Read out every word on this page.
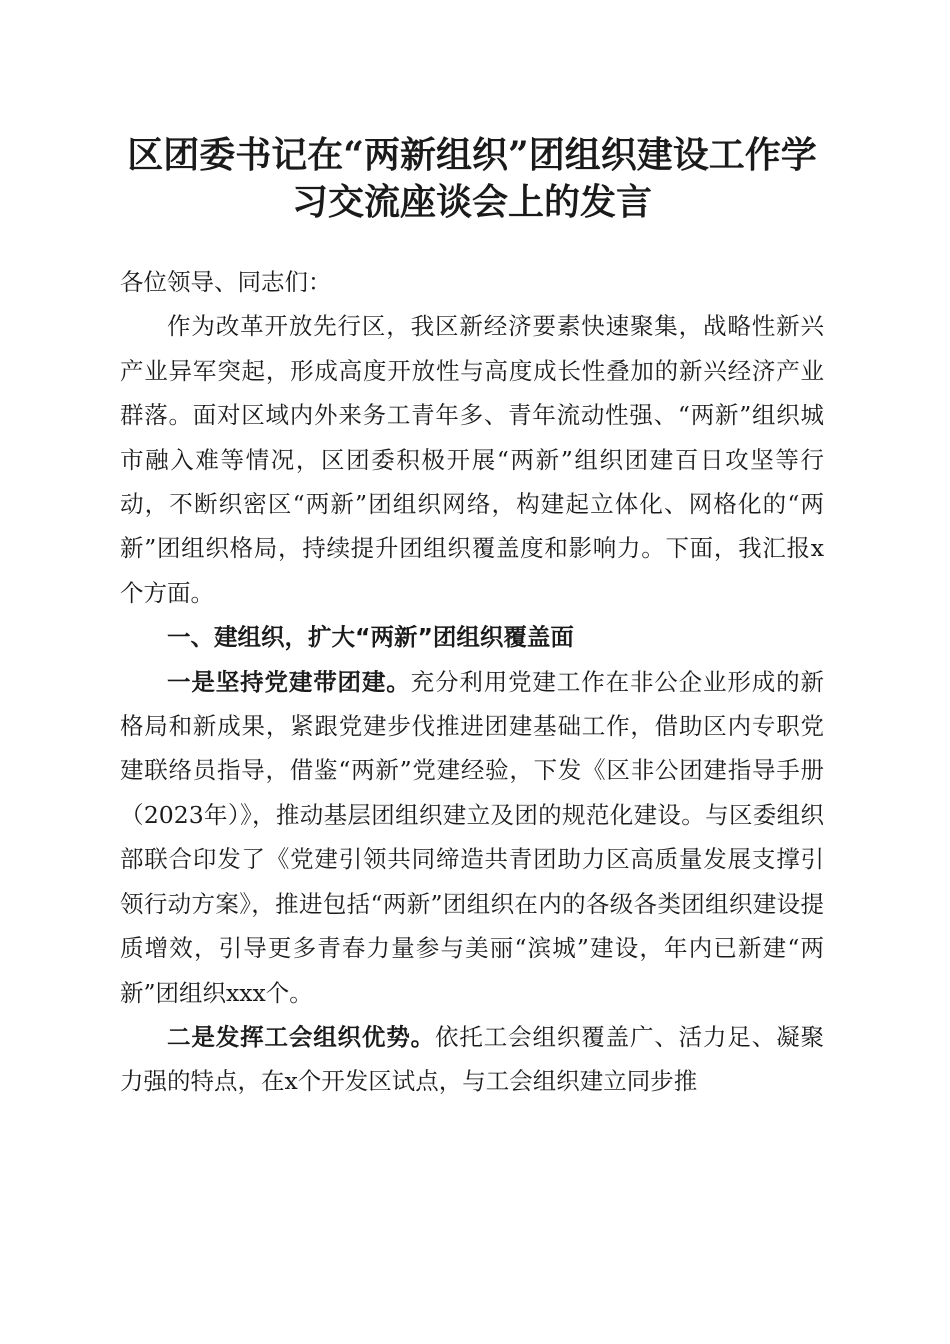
区团委书记在“两新组织”团组织建设工作学
习交流座谈会上的发言

各位领导、同志们：

作为改革开放先行区，我区新经济要素快速聚集，战略性新兴产业异军突起，形成高度开放性与高度成长性叠加的新兴经济产业群落。面对区域内外来务工青年多、青年流动性强、“两新”组织城市融入难等情况，区团委积极开展“两新”组织团建百日攻坚等行动，不断织密区“两新”团组织网络，构建起立体化、网格化的“两新”团组织格局，持续提升团组织覆盖度和影响力。下面，我汇报x个方面。

一、建组织，扩大“两新”团组织覆盖面

一是坚持党建带团建。充分利用党建工作在非公企业形成的新格局和新成果，紧跟党建步伐推进团建基础工作，借助区内专职党建联络员指导，借鉴“两新”党建经验，下发《区非公团建指导手册（2023年）》，推动基层团组织建立及团的规范化建设。与区委组织部联合印发了《党建引领共同缔造共青团助力区高质量发展支撑引领行动方案》，推进包括“两新”团组织在内的各级各类团组织建设提质增效，引导更多青春力量参与美丽“滨城”建设，年内已新建“两新”团组织xxx个。

二是发挥工会组织优势。依托工会组织覆盖广、活力足、凝聚力强的特点，在x个开发区试点，与工会组织建立同步推
